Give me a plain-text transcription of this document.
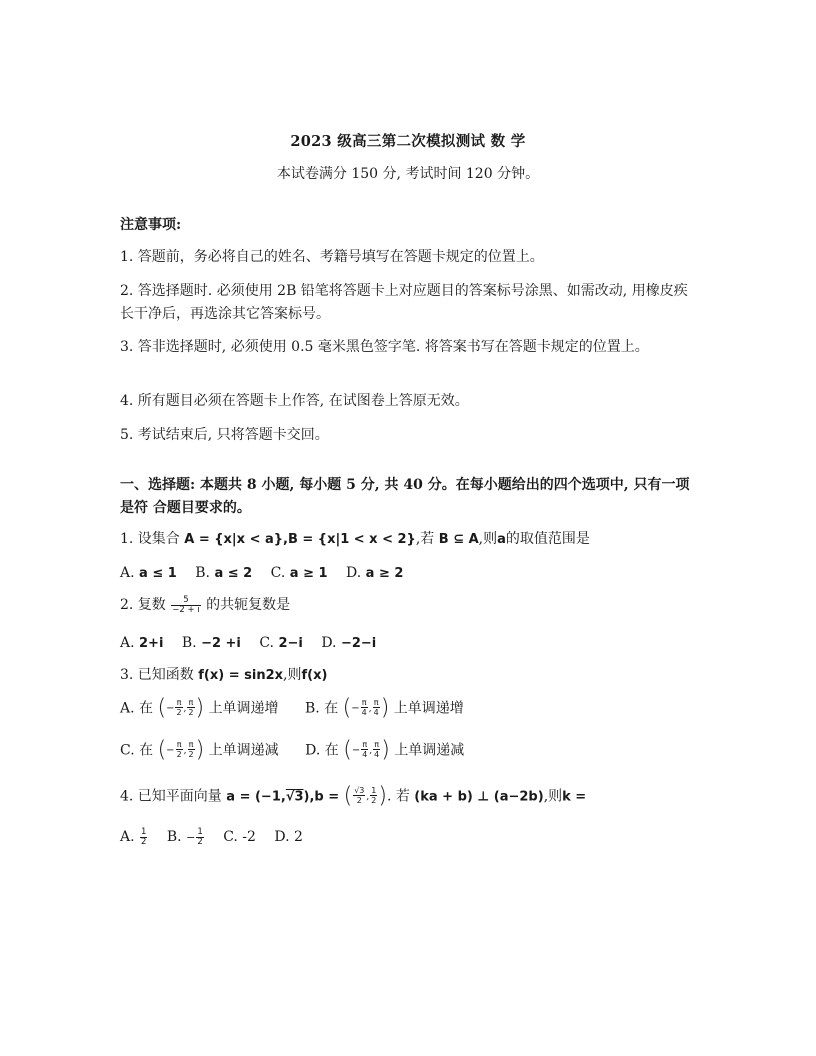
2023 级高三第二次模拟测试 数 学
本试卷满分 150 分, 考试时间 120 分钟。
注意事项:
1. 答题前，务必将自己的姓名、考籍号填写在答题卡规定的位置上。
2. 答选择题时. 必须使用 2B 铅笔将答题卡上对应题目的答案标号涂黑、如需改动, 用橡皮疾长干净后，再选涂其它答案标号。
3. 答非选择题时, 必须使用 0.5 毫米黑色签字笔. 将答案书写在答题卡规定的位置上。
4. 所有题目必须在答题卡上作答, 在试图卷上答原无效。
5. 考试结束后, 只将答题卡交回。
一、选择题: 本题共 8 小题, 每小题 5 分, 共 40 分。在每小题给出的四个选项中, 只有一项是符 合题目要求的。
1. 设集合 A = {x|x < a},B = {x|1 < x < 2},若 B ⊆ A,则a的取值范围是
A. a ≤ 1 B. a ≤ 2 C. a ≥ 1 D. a ≥ 2
2. 复数 $\frac{5}{-2 + i}$ 的共轭复数是
A. 2+i B. −2 +i C. 2−i D. −2−i
3. 已知函数 f(x) = sin2x,则f(x)
A. 在 (− $\frac{\pi}{2}$ , $\frac{\pi}{2}$ ) 上单调递增 B. 在 (− $\frac{\pi}{4}$ , $\frac{\pi}{4}$ ) 上单调递增
C. 在 (− $\frac{\pi}{2}$ , $\frac{\pi}{2}$ ) 上单调递减 D. 在 (− $\frac{\pi}{4}$ , $\frac{\pi}{4}$ ) 上单调递减
4. 已知平面向量 a = (−1,√3),b = ( $\frac{√3}{2}$ , $\frac{1}{2}$ ). 若 (ka + b) ⊥ (a−2b),则k =
A. $\frac{1}{2} B$. − $\frac{1}{2} C$. -2 D. 2
